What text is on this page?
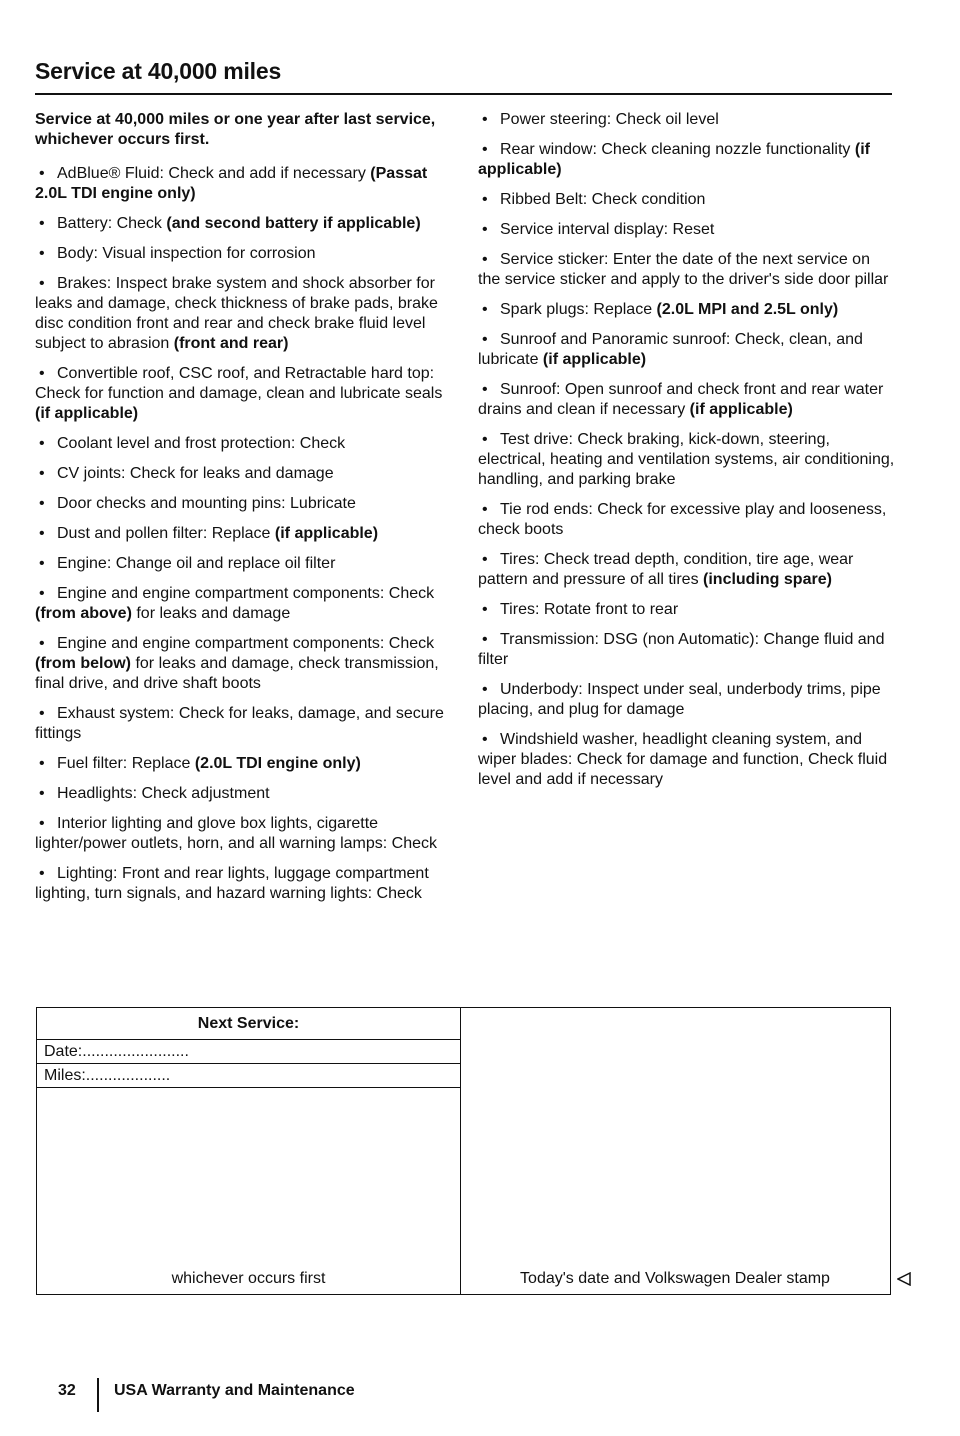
Service at 40,000 miles
Service at 40,000 miles or one year after last service, whichever occurs first.
• AdBlue® Fluid: Check and add if necessary (Passat 2.0L TDI engine only)
• Battery: Check (and second battery if applicable)
• Body: Visual inspection for corrosion
• Brakes: Inspect brake system and shock absorber for leaks and damage, check thickness of brake pads, brake disc condition front and rear and check brake fluid level subject to abrasion (front and rear)
• Convertible roof, CSC roof, and Retractable hard top: Check for function and damage, clean and lubricate seals (if applicable)
• Coolant level and frost protection: Check
• CV joints: Check for leaks and damage
• Door checks and mounting pins: Lubricate
• Dust and pollen filter: Replace (if applicable)
• Engine: Change oil and replace oil filter
• Engine and engine compartment components: Check (from above) for leaks and damage
• Engine and engine compartment components: Check (from below) for leaks and damage, check transmission, final drive, and drive shaft boots
• Exhaust system: Check for leaks, damage, and secure fittings
• Fuel filter: Replace (2.0L TDI engine only)
• Headlights: Check adjustment
• Interior lighting and glove box lights, cigarette lighter/power outlets, horn, and all warning lamps: Check
• Lighting: Front and rear lights, luggage compartment lighting, turn signals, and hazard warning lights: Check
• Power steering: Check oil level
• Rear window: Check cleaning nozzle functionality (if applicable)
• Ribbed Belt: Check condition
• Service interval display: Reset
• Service sticker: Enter the date of the next service on the service sticker and apply to the driver's side door pillar
• Spark plugs: Replace (2.0L MPI and 2.5L only)
• Sunroof and Panoramic sunroof: Check, clean, and lubricate (if applicable)
• Sunroof: Open sunroof and check front and rear water drains and clean if necessary (if applicable)
• Test drive: Check braking, kick-down, steering, electrical, heating and ventilation systems, air conditioning, handling, and parking brake
• Tie rod ends: Check for excessive play and looseness, check boots
• Tires: Check tread depth, condition, tire age, wear pattern and pressure of all tires (including spare)
• Tires: Rotate front to rear
• Transmission: DSG (non Automatic): Change fluid and filter
• Underbody: Inspect under seal, underbody trims, pipe placing, and plug for damage
• Windshield washer, headlight cleaning system, and wiper blades: Check for damage and function, Check fluid level and add if necessary
Next Service:
Date:........................
Miles:...................
whichever occurs first	Today's date and Volkswagen Dealer stamp
32 USA Warranty and Maintenance
